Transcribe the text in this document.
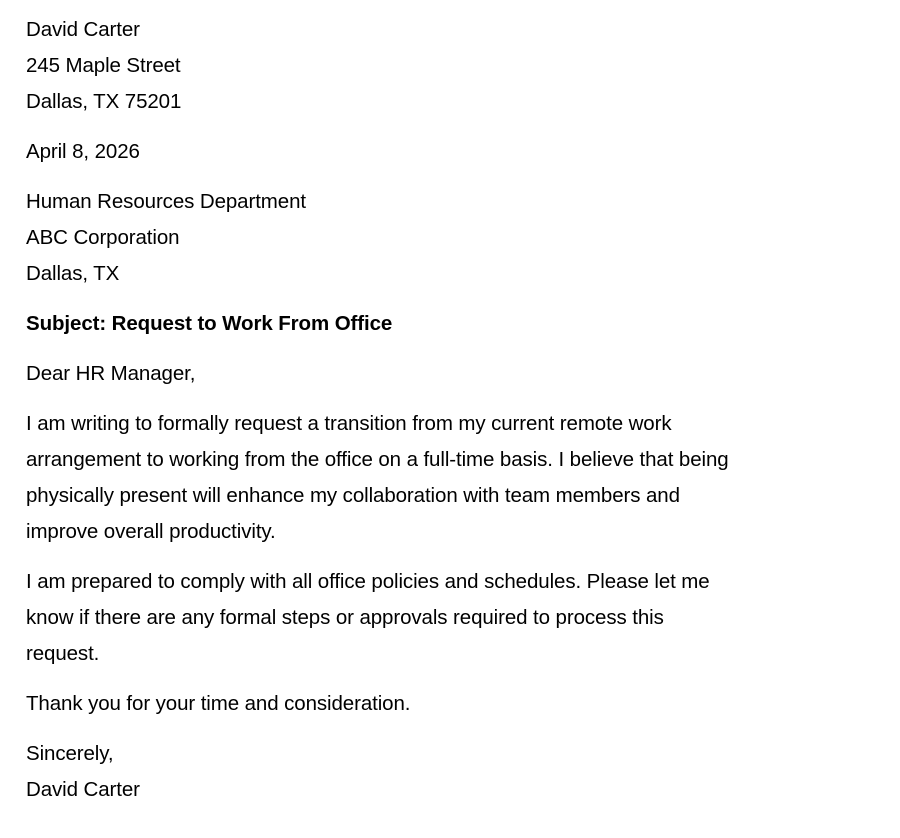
David Carter
245 Maple Street
Dallas, TX 75201
April 8, 2026
Human Resources Department
ABC Corporation
Dallas, TX
Subject: Request to Work From Office
Dear HR Manager,
I am writing to formally request a transition from my current remote work
arrangement to working from the office on a full-time basis. I believe that being
physically present will enhance my collaboration with team members and
improve overall productivity.
I am prepared to comply with all office policies and schedules. Please let me
know if there are any formal steps or approvals required to process this
request.
Thank you for your time and consideration.
Sincerely,
David Carter
